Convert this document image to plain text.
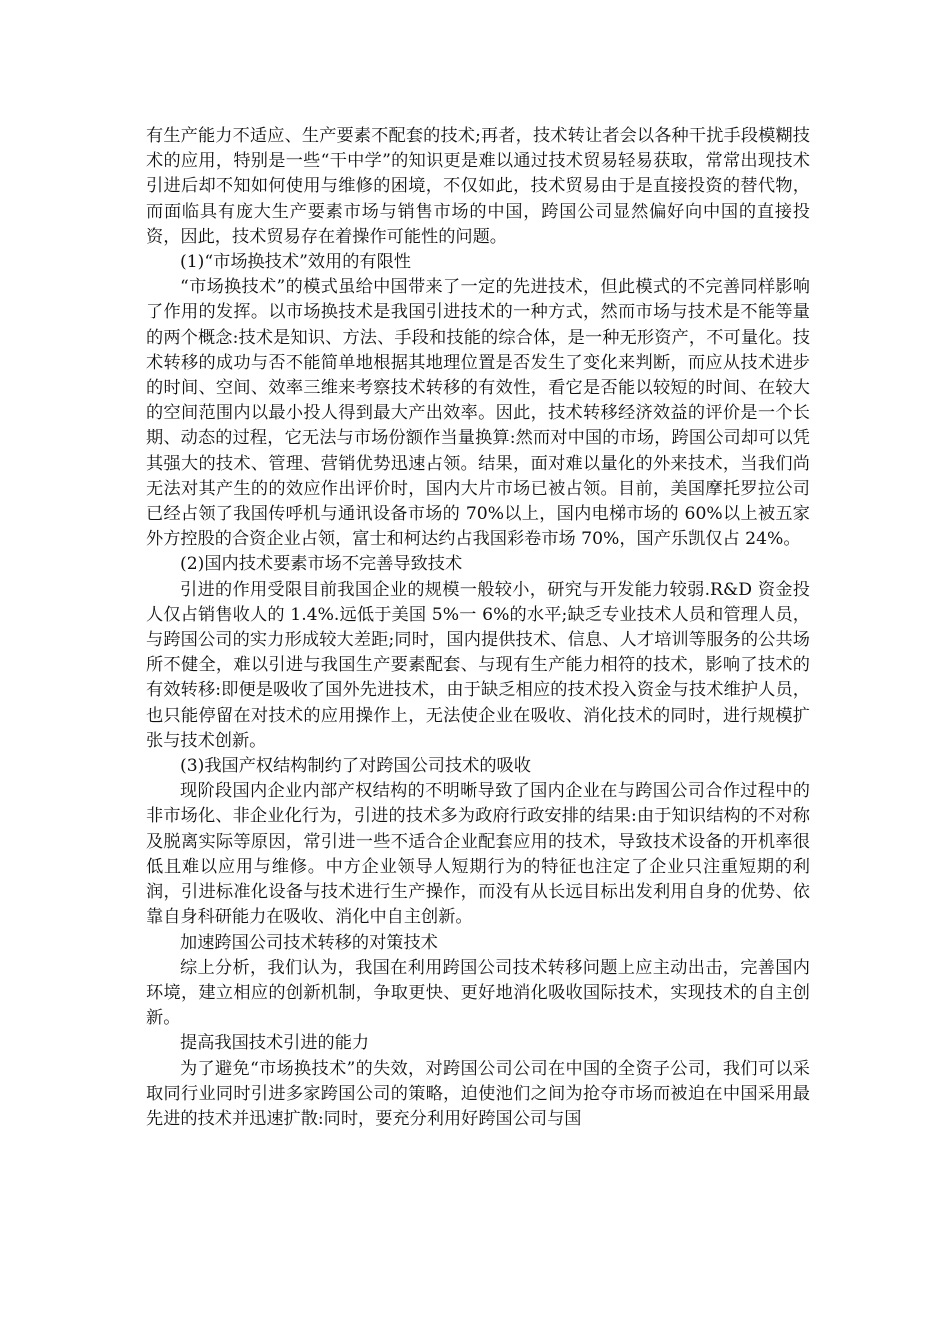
有生产能力不适应、生产要素不配套的技术;再者，技术转让者会以各种干扰手段模糊技术的应用，特别是一些“干中学”的知识更是难以通过技术贸易轻易获取，常常出现技术引进后却不知如何使用与维修的困境，不仅如此，技术贸易由于是直接投资的替代物，而面临具有庞大生产要素市场与销售市场的中国，跨国公司显然偏好向中国的直接投资，因此，技术贸易存在着操作可能性的问题。

(1)“市场换技术”效用的有限性

“市场换技术”的模式虽给中国带来了一定的先进技术，但此模式的不完善同样影响了作用的发挥。以市场换技术是我国引进技术的一种方式，然而市场与技术是不能等量的两个概念:技术是知识、方法、手段和技能的综合体，是一种无形资产，不可量化。技术转移的成功与否不能简单地根据其地理位置是否发生了变化来判断，而应从技术进步的时间、空间、效率三维来考察技术转移的有效性，看它是否能以较短的时间、在较大的空间范围内以最小投人得到最大产出效率。因此，技术转移经济效益的评价是一个长期、动态的过程，它无法与市场份额作当量换算:然而对中国的市场，跨国公司却可以凭其强大的技术、管理、营销优势迅速占领。结果，面对难以量化的外来技术，当我们尚无法对其产生的的效应作出评价时，国内大片市场已被占领。目前，美国摩托罗拉公司已经占领了我国传呼机与通讯设备市场的 70%以上，国内电梯市场的 60%以上被五家外方控股的合资企业占领，富士和柯达约占我国彩卷市场 70%，国产乐凯仅占 24%。

(2)国内技术要素市场不完善导致技术

引进的作用受限目前我国企业的规模一般较小，研究与开发能力较弱.R&D 资金投人仅占销售收人的 1.4%.远低于美国 5%一 6%的水平;缺乏专业技术人员和管理人员，与跨国公司的实力形成较大差距;同时，国内提供技术、信息、人才培训等服务的公共场所不健全，难以引进与我国生产要素配套、与现有生产能力相符的技术，影响了技术的有效转移:即便是吸收了国外先进技术，由于缺乏相应的技术投入资金与技术维护人员，也只能停留在对技术的应用操作上，无法使企业在吸收、消化技术的同时，进行规模扩张与技术创新。

(3)我国产权结构制约了对跨国公司技术的吸收

现阶段国内企业内部产权结构的不明晰导致了国内企业在与跨国公司合作过程中的非市场化、非企业化行为，引进的技术多为政府行政安排的结果:由于知识结构的不对称及脱离实际等原因，常引进一些不适合企业配套应用的技术，导致技术设备的开机率很低且难以应用与维修。中方企业领导人短期行为的特征也注定了企业只注重短期的利润，引进标准化设备与技术进行生产操作，而没有从长远目标出发利用自身的优势、依靠自身科研能力在吸收、消化中自主创新。

加速跨国公司技术转移的对策技术

综上分析，我们认为，我国在利用跨国公司技术转移问题上应主动出击，完善国内环境，建立相应的创新机制，争取更快、更好地消化吸收国际技术，实现技术的自主创新。

提高我国技术引进的能力

为了避免“市场换技术”的失效，对跨国公司公司在中国的全资子公司，我们可以采取同行业同时引进多家跨国公司的策略，迫使池们之间为抢夺市场而被迫在中国采用最先进的技术并迅速扩散:同时，要充分利用好跨国公司与国
